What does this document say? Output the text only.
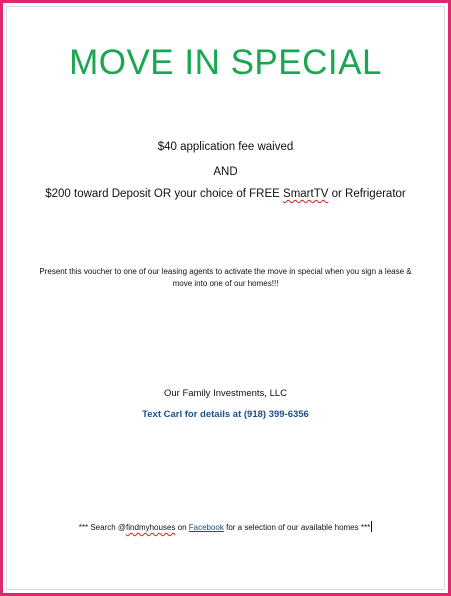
MOVE IN SPECIAL
$40 application fee waived
AND
$200 toward Deposit OR your choice of FREE SmartTV or Refrigerator
Present this voucher to one of our leasing agents to activate the move in special when you sign a lease & move into one of our homes!!!
Our Family Investments, LLC
Text Carl for details at (918) 399-6356
*** Search @findmyhouses on Facebook for a selection of our available homes ***
